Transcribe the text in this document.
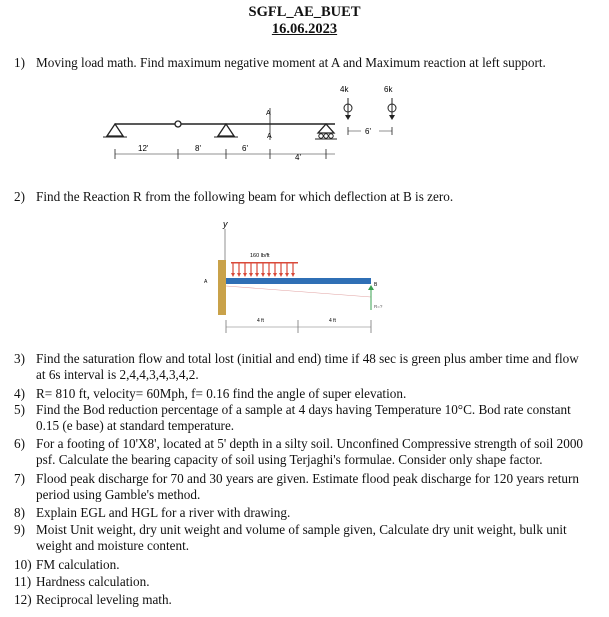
SGFL_AE_BUET
16.06.2023
1) Moving load math. Find maximum negative moment at A and Maximum reaction at left support.
A
A
4k	6k
6'
12'	8'	6'
4'
2) Find the Reaction R from the following beam for which deflection at B is zero.
y
A
160 lb/ft
B
R=?
4 ft	4 ft
3) Find the saturation flow and total lost (initial and end) time if 48 sec is green plus amber time and flow
at 6s interval is 2,4,4,3,4,3,4,2.
4) R= 810 ft, velocity= 60Mph, f= 0.16 find the angle of super elevation.
5) Find the Bod reduction percentage of a sample at 4 days having Temperature 10°C. Bod rate constant
0.15 (e base) at standard temperature.
6) For a footing of 10'X8', located at 5' depth in a silty soil. Unconfined Compressive strength of soil 2000
psf. Calculate the bearing capacity of soil using Terjaghi's formulae. Consider only shape factor.
7) Flood peak discharge for 70 and 30 years are given. Estimate flood peak discharge for 120 years return
period using Gamble's method.
8) Explain EGL and HGL for a river with drawing.
9) Moist Unit weight, dry unit weight and volume of sample given, Calculate dry unit weight, bulk unit
weight and moisture content.
10) FM calculation.
11) Hardness calculation.
12) Reciprocal leveling math.
